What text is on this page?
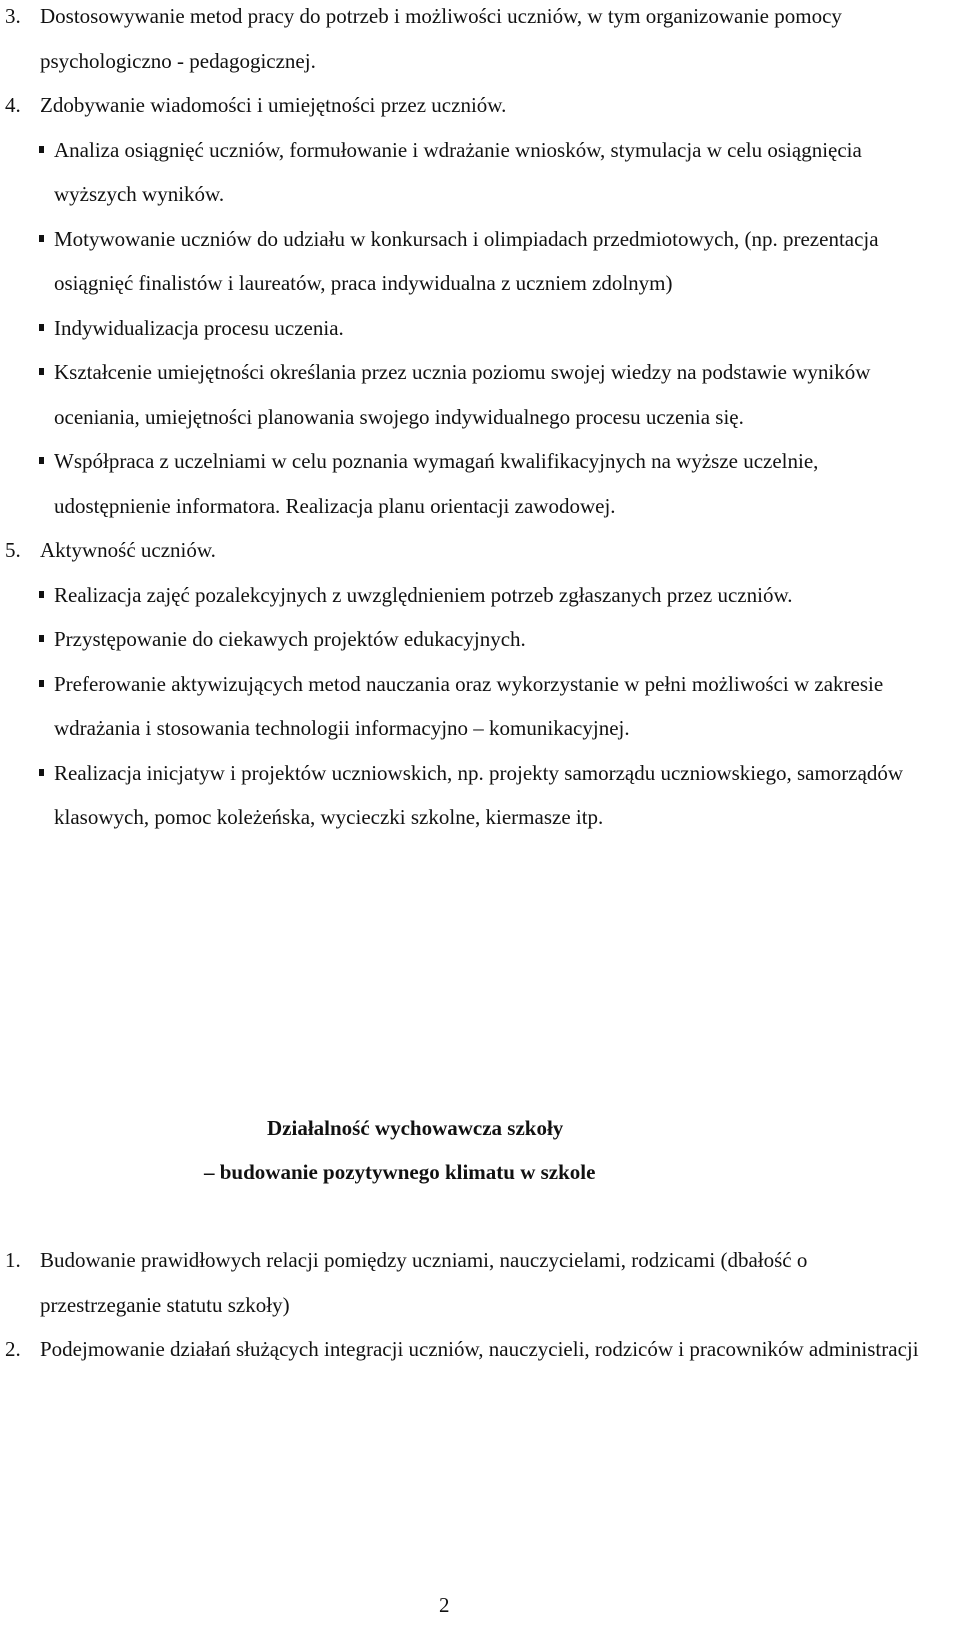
3. Dostosowywanie metod pracy do potrzeb i możliwości uczniów, w tym organizowanie pomocy psychologiczno - pedagogicznej.
4. Zdobywanie wiadomości i umiejętności przez uczniów.
Analiza osiągnięć uczniów, formułowanie i wdrażanie wniosków, stymulacja w celu osiągnięcia wyższych wyników.
Motywowanie uczniów do udziału w konkursach i olimpiadach przedmiotowych, (np. prezentacja osiągnięć finalistów i laureatów, praca indywidualna z uczniem zdolnym)
Indywidualizacja procesu uczenia.
Kształcenie umiejętności określania przez ucznia poziomu swojej wiedzy na podstawie wyników oceniania, umiejętności planowania swojego indywidualnego procesu uczenia się.
Współpraca z uczelniami w celu poznania wymagań kwalifikacyjnych na wyższe uczelnie, udostępnienie informatora. Realizacja planu orientacji zawodowej.
5. Aktywność uczniów.
Realizacja zajęć pozalekcyjnych z uwzględnieniem potrzeb zgłaszanych przez uczniów.
Przystępowanie do ciekawych projektów edukacyjnych.
Preferowanie aktywizujących metod nauczania oraz wykorzystanie w pełni możliwości w zakresie wdrażania i stosowania technologii informacyjno – komunikacyjnej.
Realizacja inicjatyw i projektów uczniowskich, np. projekty samorządu uczniowskiego, samorządów klasowych, pomoc koleżeńska, wycieczki szkolne, kiermasze itp.
Działalność wychowawcza szkoły
– budowanie pozytywnego klimatu w szkole
1. Budowanie prawidłowych relacji pomiędzy uczniami, nauczycielami, rodzicami (dbałość o przestrzeganie statutu szkoły)
2. Podejmowanie działań służących integracji uczniów, nauczycieli, rodziców i pracowników administracji
2
